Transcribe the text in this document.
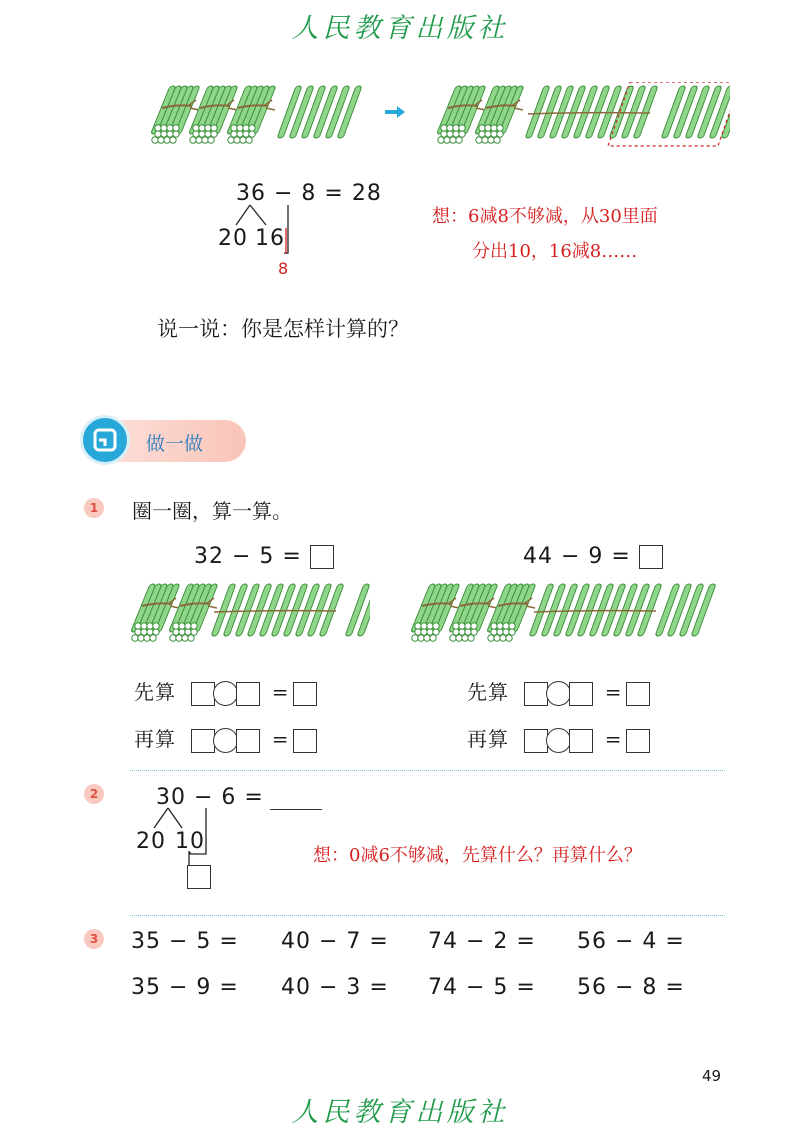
人民教育出版社
36 − 8 = 28
20 16
8
想：6减8不够减，从30里面
分出10，16减8……
说一说：你是怎样计算的？
做一做
1 圈一圈，算一算。
32 − 5 =	44 − 9 =
先算	=
再算	=
先算	=
再算	=
2	30 − 6 =
20 10
想：0减6不够减，先算什么？再算什么？
3 35 − 5 = 40 − 7 = 74 − 2 = 56 − 4 =
35 − 9 = 40 − 3 = 74 − 5 = 56 − 8 =
49
人民教育出版社
